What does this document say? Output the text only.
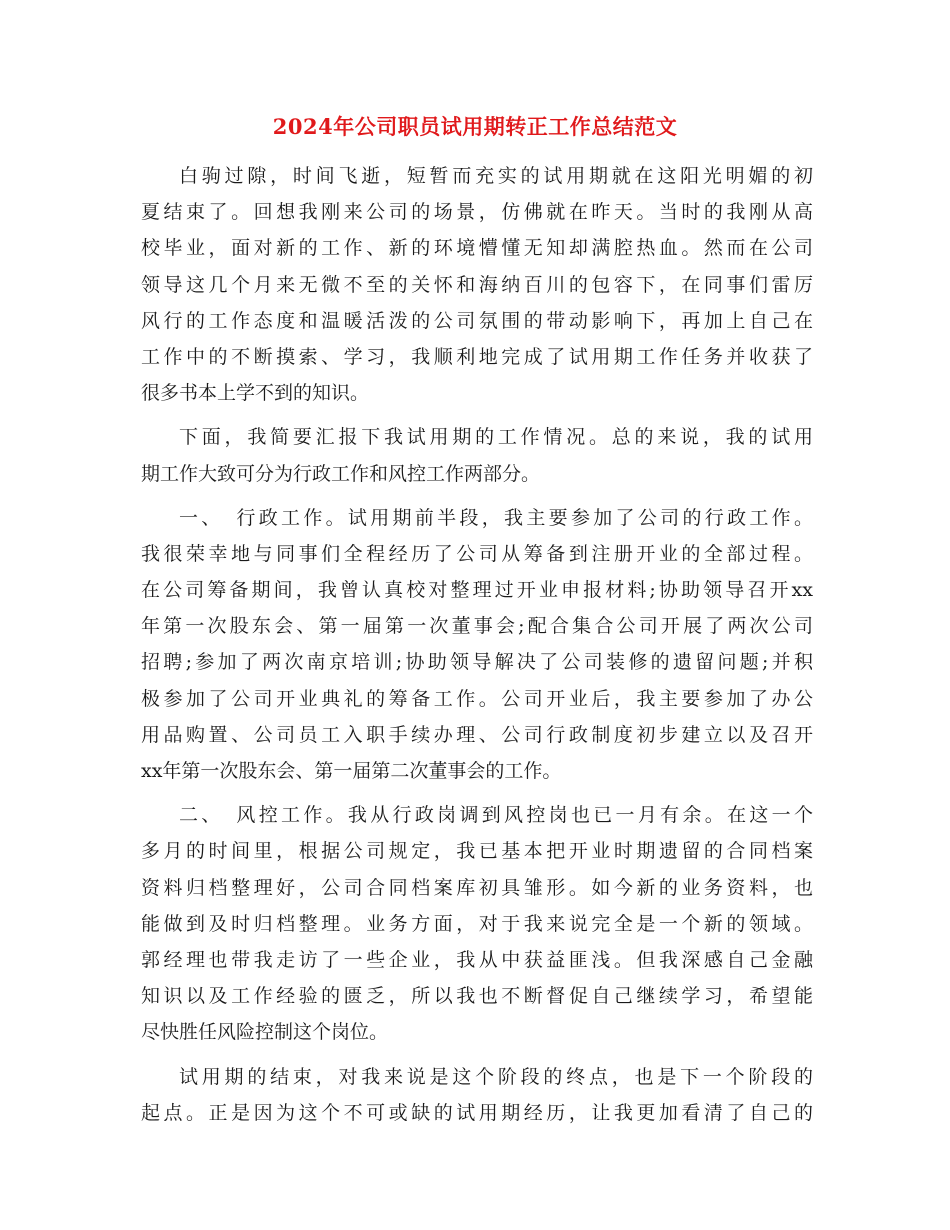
2024年公司职员试用期转正工作总结范文
白驹过隙，时间飞逝，短暂而充实的试用期就在这阳光明媚的初
夏结束了。回想我刚来公司的场景，仿佛就在昨天。当时的我刚从高
校毕业，面对新的工作、新的环境懵懂无知却满腔热血。然而在公司
领导这几个月来无微不至的关怀和海纳百川的包容下，在同事们雷厉
风行的工作态度和温暖活泼的公司氛围的带动影响下，再加上自己在
工作中的不断摸索、学习，我顺利地完成了试用期工作任务并收获了
很多书本上学不到的知识。
下面，我简要汇报下我试用期的工作情况。总的来说，我的试用
期工作大致可分为行政工作和风控工作两部分。
一、　行政工作。试用期前半段，我主要参加了公司的行政工作。
我很荣幸地与同事们全程经历了公司从筹备到注册开业的全部过程。
在公司筹备期间，我曾认真校对整理过开业申报材料;协助领导召开xx
年第一次股东会、第一届第一次董事会;配合集合公司开展了两次公司
招聘;参加了两次南京培训;协助领导解决了公司装修的遗留问题;并积
极参加了公司开业典礼的筹备工作。公司开业后，我主要参加了办公
用品购置、公司员工入职手续办理、公司行政制度初步建立以及召开
xx年第一次股东会、第一届第二次董事会的工作。
二、　风控工作。我从行政岗调到风控岗也已一月有余。在这一个
多月的时间里，根据公司规定，我已基本把开业时期遗留的合同档案
资料归档整理好，公司合同档案库初具雏形。如今新的业务资料，也
能做到及时归档整理。业务方面，对于我来说完全是一个新的领域。
郭经理也带我走访了一些企业，我从中获益匪浅。但我深感自己金融
知识以及工作经验的匮乏，所以我也不断督促自己继续学习，希望能
尽快胜任风险控制这个岗位。
试用期的结束，对我来说是这个阶段的终点，也是下一个阶段的
起点。正是因为这个不可或缺的试用期经历，让我更加看清了自己的
